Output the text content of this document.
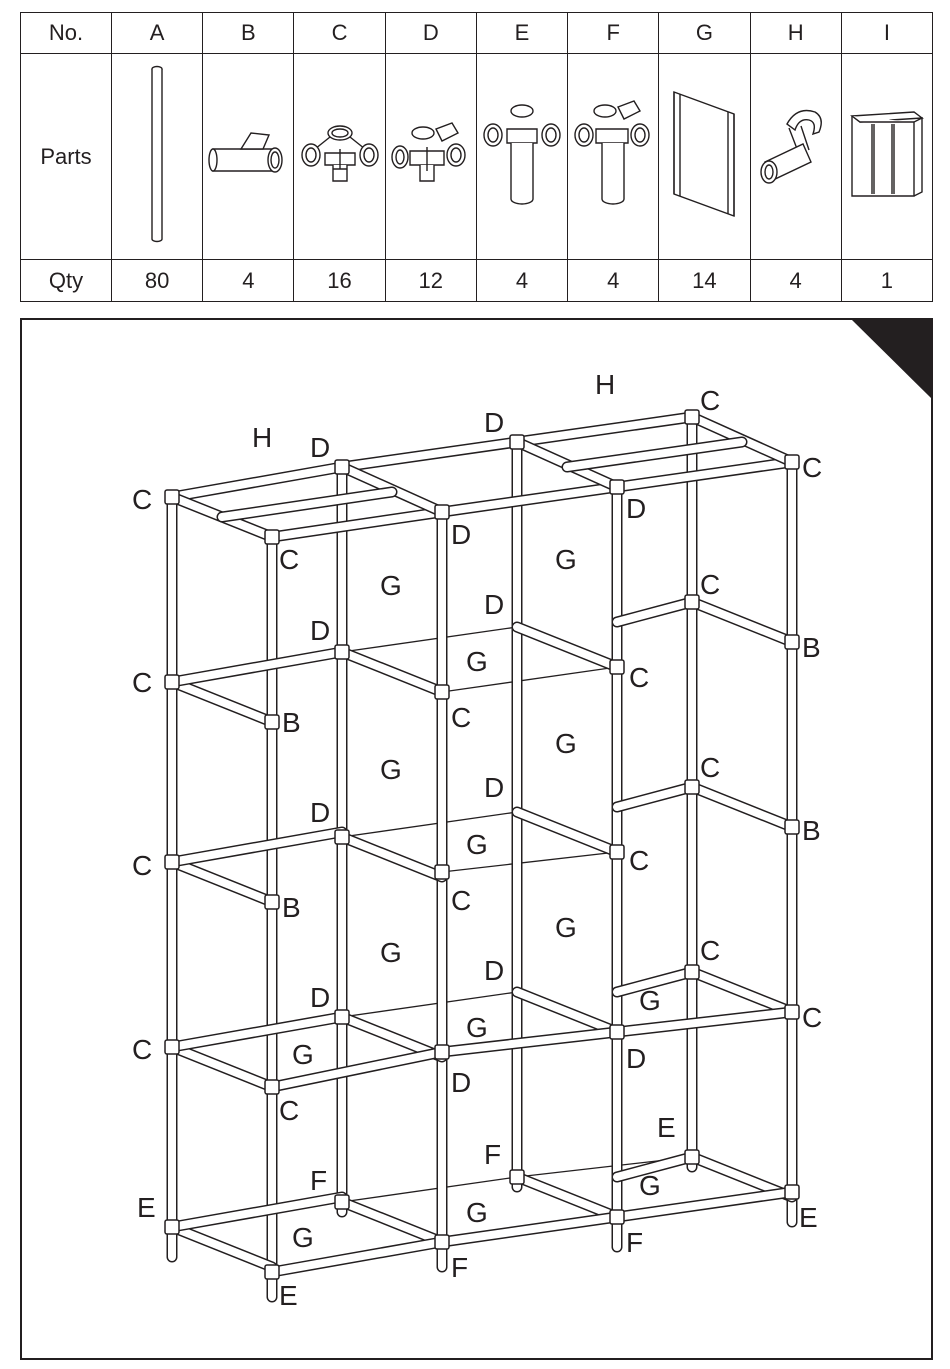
No.	A	B	C	D	E	F	G	H	I
Parts									
Qty	80	4	16	12	4	4	14	4	1
H
H
C
D
D
C
C
C
D
D
G
G
C
D
B
G
D
C
C
B
C
G
G
C
D
B
G
D
C
C
B
C
G
G
C
D
G
G
D
C
G
C
D
D
C
E
F
G
E
F
G
F
E
G
F
E
